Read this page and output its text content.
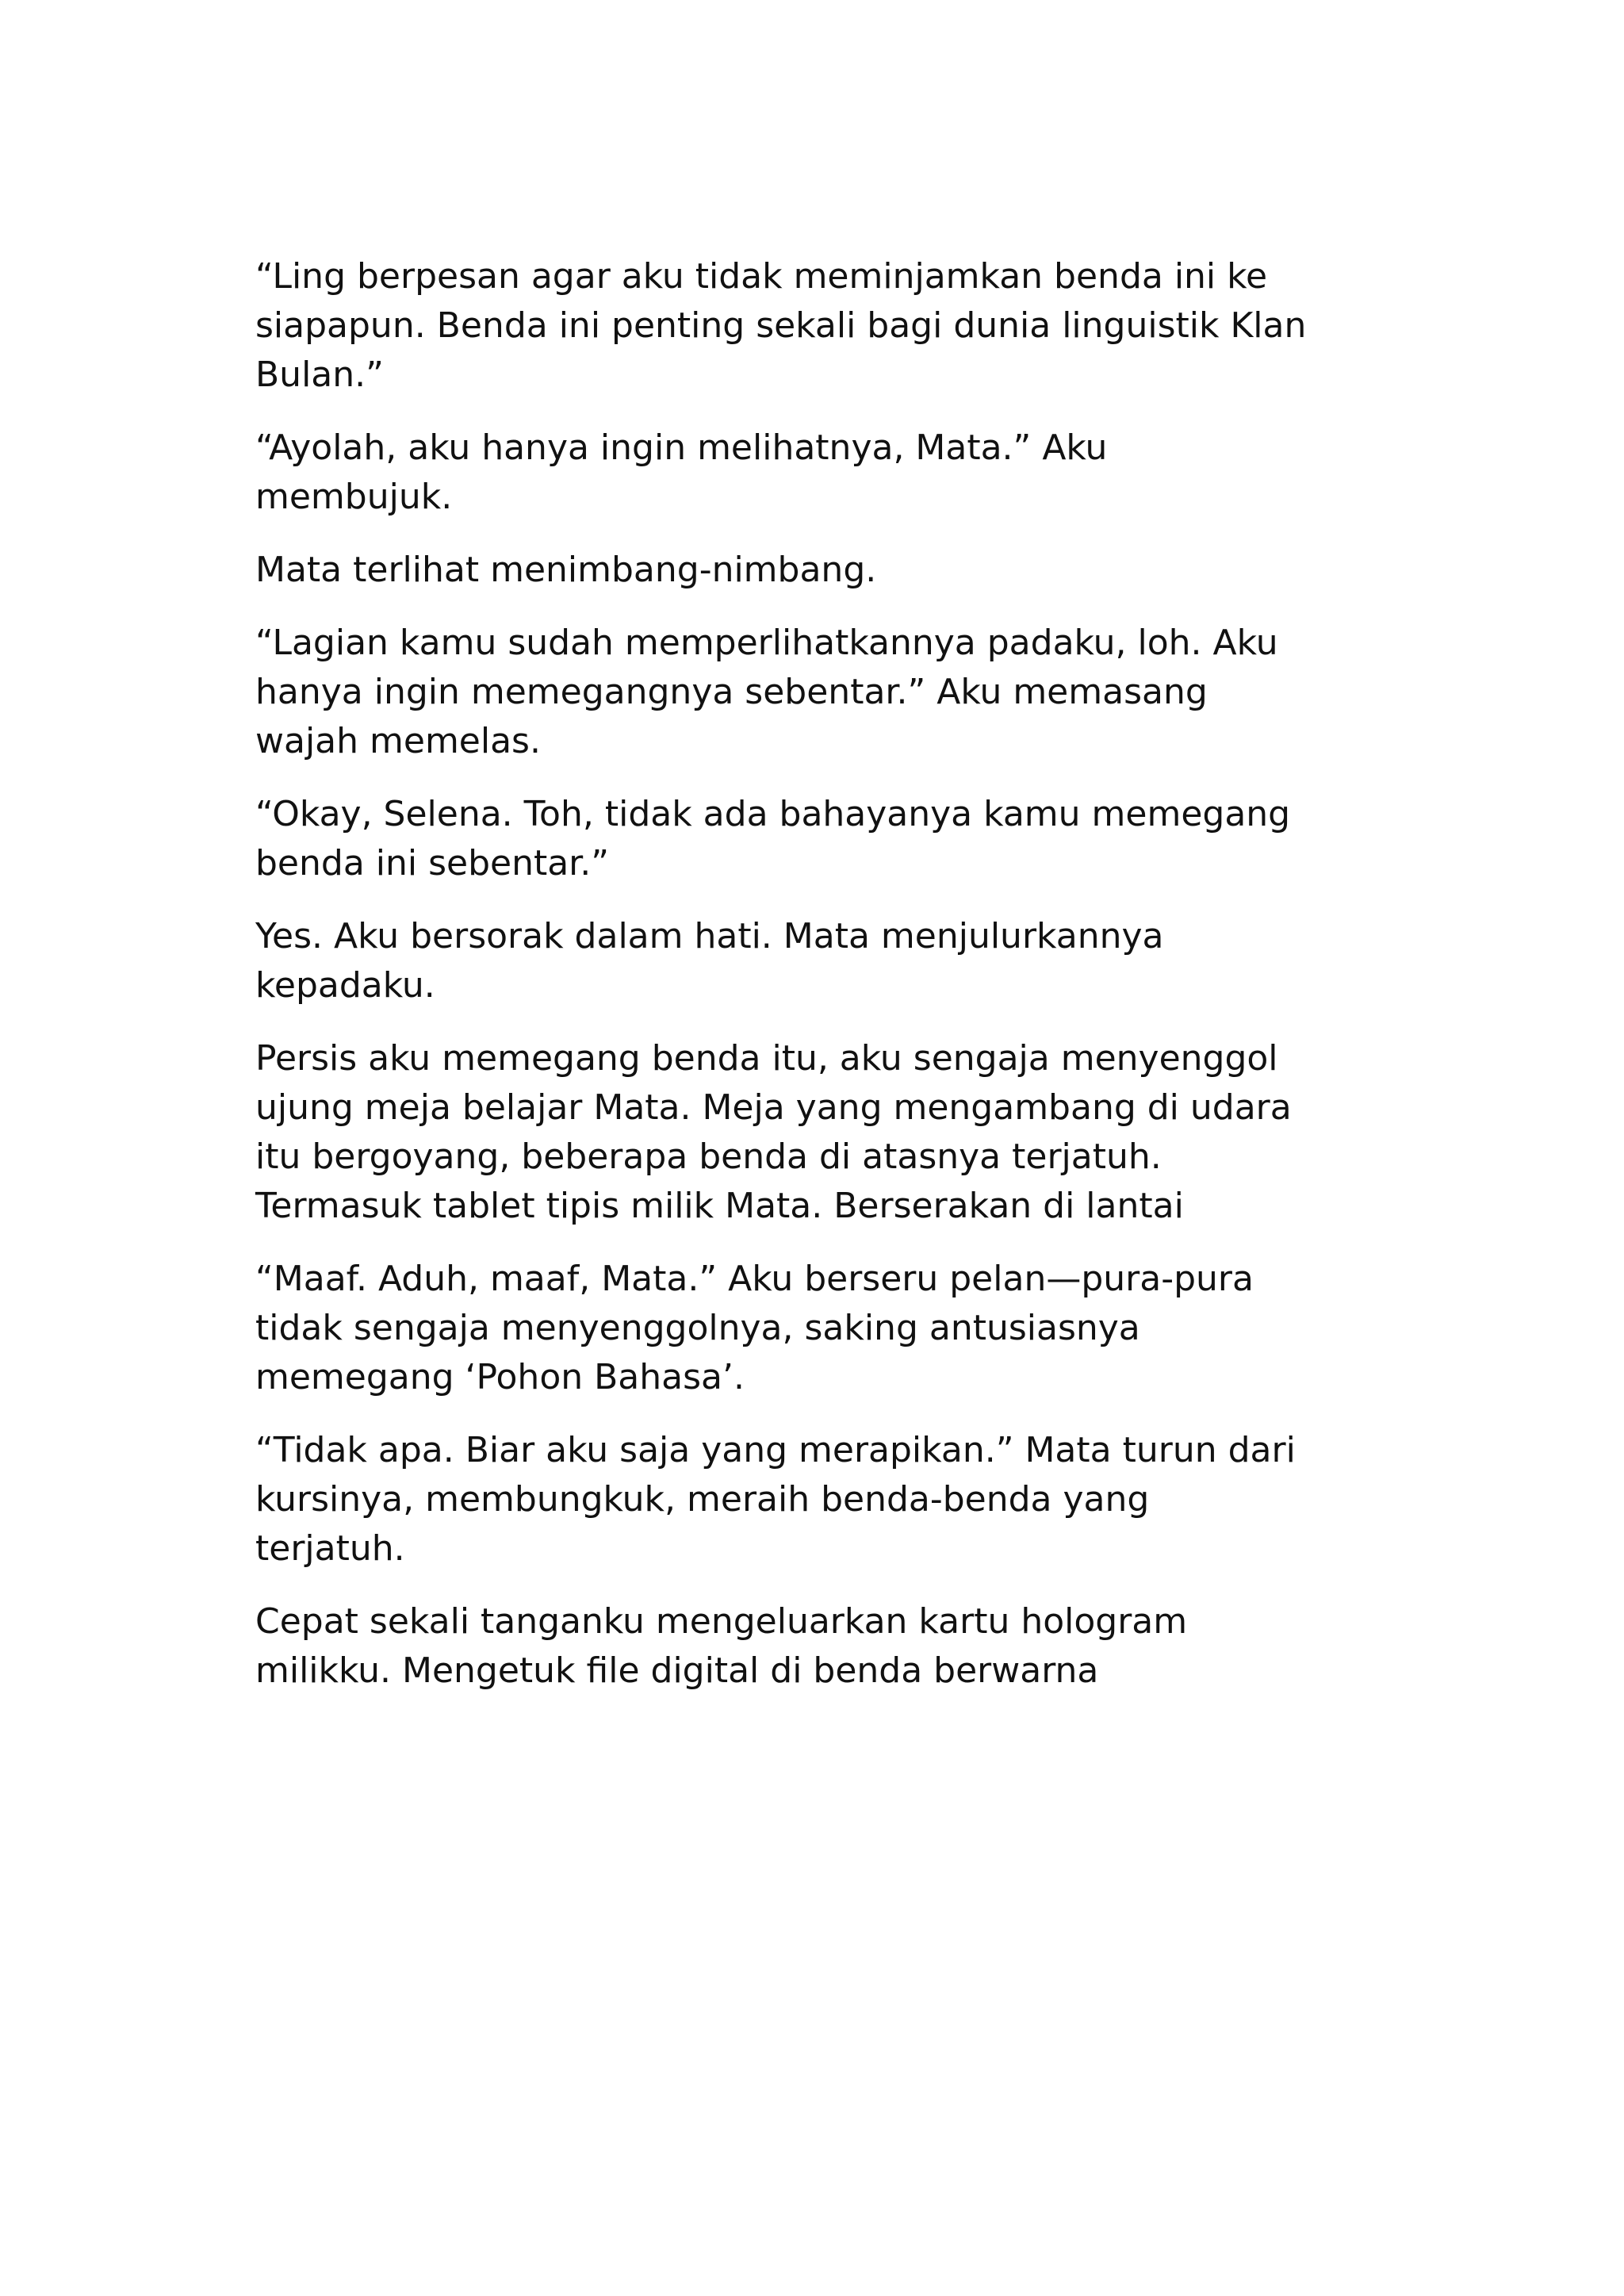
“Ling berpesan agar aku tidak meminjamkan benda ini ke
siapapun. Benda ini penting sekali bagi dunia linguistik Klan
Bulan.”

“Ayolah, aku hanya ingin melihatnya, Mata.” Aku
membujuk.

Mata terlihat menimbang-nimbang.

“Lagian kamu sudah memperlihatkannya padaku, loh. Aku
hanya ingin memegangnya sebentar.” Aku memasang
wajah memelas.

“Okay, Selena. Toh, tidak ada bahayanya kamu memegang
benda ini sebentar.”

Yes. Aku bersorak dalam hati. Mata menjulurkannya
kepadaku.

Persis aku memegang benda itu, aku sengaja menyenggol
ujung meja belajar Mata. Meja yang mengambang di udara
itu bergoyang, beberapa benda di atasnya terjatuh.
Termasuk tablet tipis milik Mata. Berserakan di lantai

“Maaf. Aduh, maaf, Mata.” Aku berseru pelan—pura-pura
tidak sengaja menyenggolnya, saking antusiasnya
memegang ‘Pohon Bahasa’.

“Tidak apa. Biar aku saja yang merapikan.” Mata turun dari
kursinya, membungkuk, meraih benda-benda yang
terjatuh.

Cepat sekali tanganku mengeluarkan kartu hologram
milikku. Mengetuk file digital di benda berwarna
